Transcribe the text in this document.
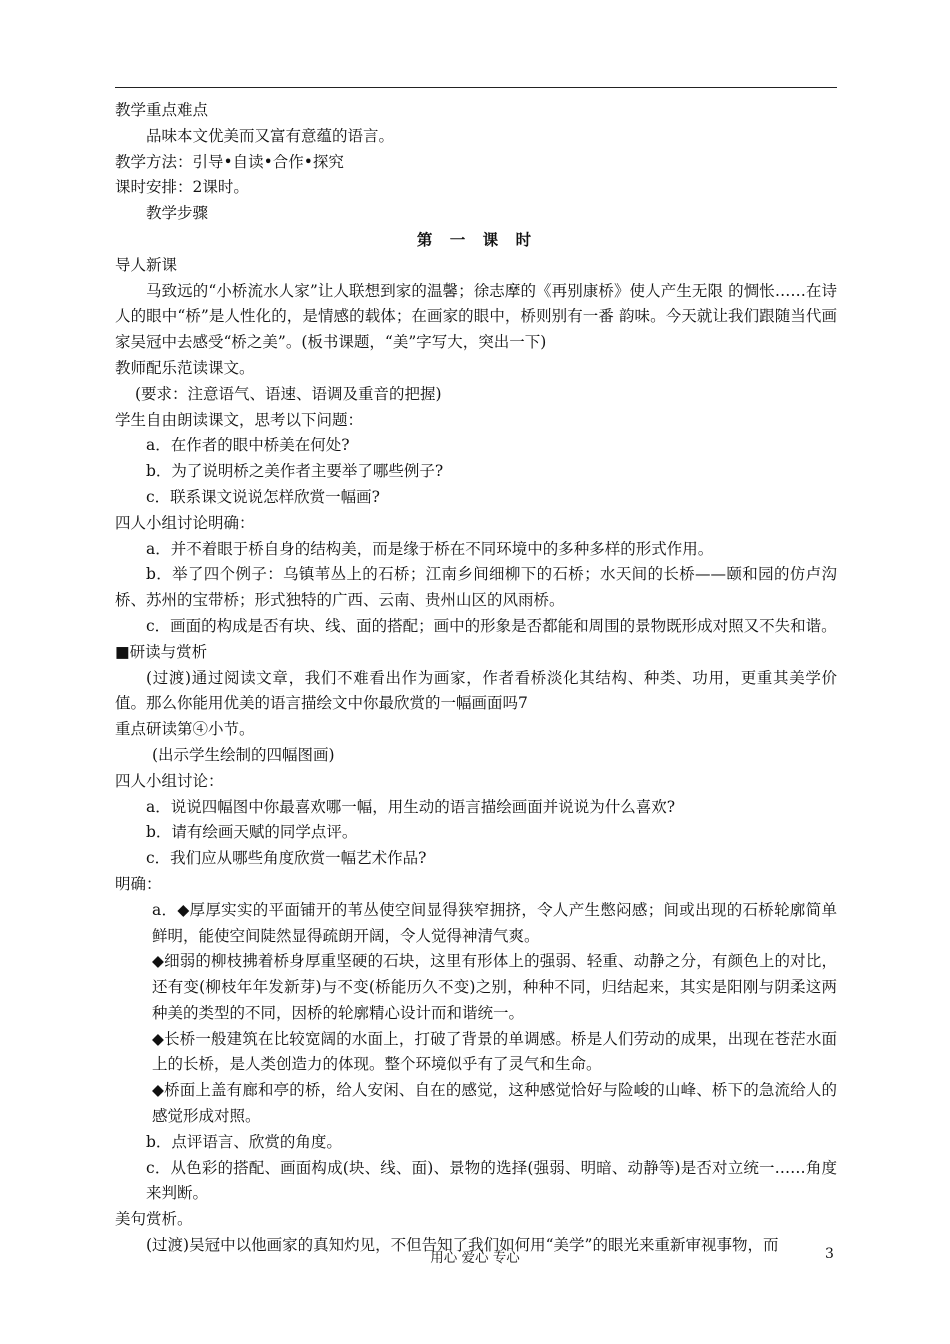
教学重点难点

品味本文优美而又富有意蕴的语言。

教学方法：引导•自读•合作•探究

课时安排：2课时。

教学步骤

第 一 课 时

导人新课

马致远的“小桥流水人家”让人联想到家的温馨；徐志摩的《再别康桥》使人产生无限 的惆怅……在诗人的眼中“桥”是人性化的，是情感的载体；在画家的眼中，桥则别有一番 韵味。今天就让我们跟随当代画家吴冠中去感受“桥之美”。(板书课题，“美”字写大，突出一下)

教师配乐范读课文。

(要求：注意语气、语速、语调及重音的把握)

学生自由朗读课文，思考以下问题：

a．在作者的眼中桥美在何处?

b．为了说明桥之美作者主要举了哪些例子?

c．联系课文说说怎样欣赏一幅画?

四人小组讨论明确：

a．并不着眼于桥自身的结构美，而是缘于桥在不同环境中的多种多样的形式作用。

b．举了四个例子：乌镇苇丛上的石桥；江南乡间细柳下的石桥；水天间的长桥——颐和园的仿卢沟桥、苏州的宝带桥；形式独特的广西、云南、贵州山区的风雨桥。

c．画面的构成是否有块、线、面的搭配；画中的形象是否都能和周围的景物既形成对照又不失和谐。

■研读与赏析

(过渡)通过阅读文章，我们不难看出作为画家，作者看桥淡化其结构、种类、功用，更重其美学价值。那么你能用优美的语言描绘文中你最欣赏的一幅画面吗7

重点研读第④小节。

(出示学生绘制的四幅图画)

四人小组讨论：

a．说说四幅图中你最喜欢哪一幅，用生动的语言描绘画面并说说为什么喜欢?

b．请有绘画天赋的同学点评。

c．我们应从哪些角度欣赏一幅艺术作品?

明确：

a．◆厚厚实实的平面铺开的苇丛使空间显得狭窄拥挤，令人产生憋闷感；间或出现的石桥轮廓简单鲜明，能使空间陡然显得疏朗开阔，令人觉得神清气爽。

◆细弱的柳枝拂着桥身厚重坚硬的石块，这里有形体上的强弱、轻重、动静之分，有颜色上的对比，还有变(柳枝年年发新芽)与不变(桥能历久不变)之别，种种不同，归结起来，其实是阳刚与阴柔这两种美的类型的不同，因桥的轮廓精心设计而和谐统一。

◆长桥一般建筑在比较宽阔的水面上，打破了背景的单调感。桥是人们劳动的成果，出现在苍茫水面上的长桥，是人类创造力的体现。整个环境似乎有了灵气和生命。

◆桥面上盖有廊和亭的桥，给人安闲、自在的感觉，这种感觉恰好与险峻的山峰、桥下的急流给人的感觉形成对照。

b．点评语言、欣赏的角度。

c．从色彩的搭配、画面构成(块、线、面)、景物的选择(强弱、明暗、动静等)是否对立统一……角度来判断。

美句赏析。

(过渡)吴冠中以他画家的真知灼见，不但告知了我们如何用“美学”的眼光来重新审视事物，而

用心 爱心 专心	3
